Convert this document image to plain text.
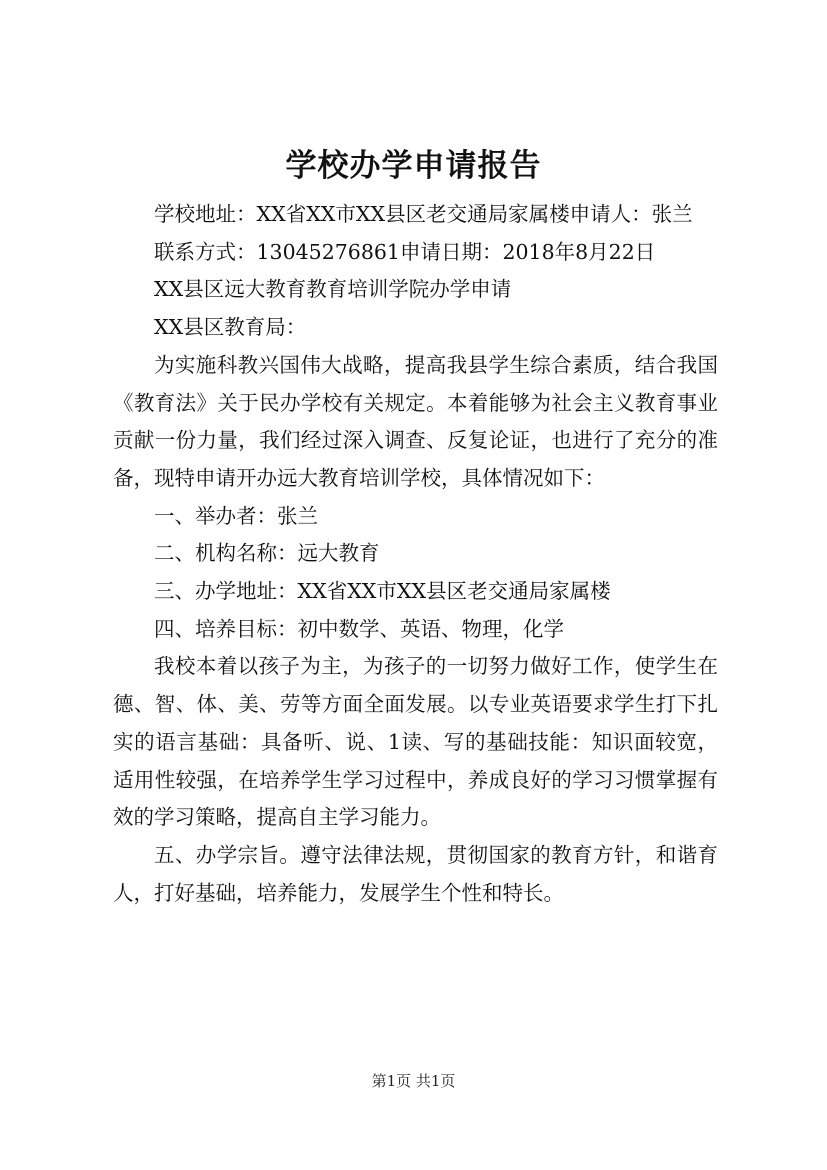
学校办学申请报告

学校地址：XX省XX市XX县区老交通局家属楼申请人：张兰

联系方式：13045276861申请日期：2018年8月22日

XX县区远大教育教育培训学院办学申请

XX县区教育局：

为实施科教兴国伟大战略，提高我县学生综合素质，结合我国《教育法》关于民办学校有关规定。本着能够为社会主义教育事业贡献一份力量，我们经过深入调查、反复论证，也进行了充分的准备，现特申请开办远大教育培训学校，具体情况如下：

一、举办者：张兰

二、机构名称：远大教育

三、办学地址：XX省XX市XX县区老交通局家属楼

四、培养目标：初中数学、英语、物理，化学

我校本着以孩子为主，为孩子的一切努力做好工作，使学生在德、智、体、美、劳等方面全面发展。以专业英语要求学生打下扎实的语言基础：具备听、说、1读、写的基础技能：知识面较宽，适用性较强，在培养学生学习过程中，养成良好的学习习惯掌握有效的学习策略，提高自主学习能力。

五、办学宗旨。遵守法律法规，贯彻国家的教育方针，和谐育人，打好基础，培养能力，发展学生个性和特长。

第1页 共1页
